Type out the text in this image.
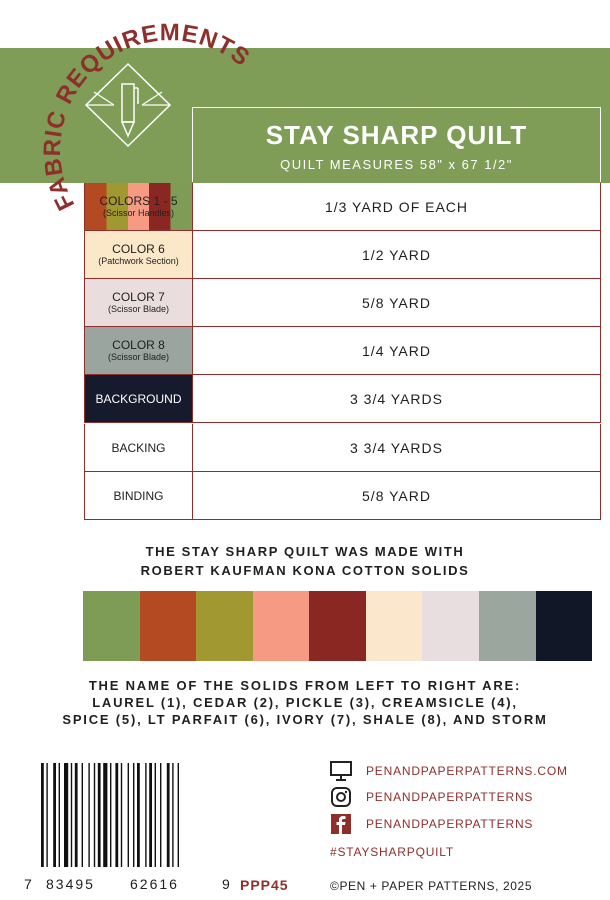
FABRIC REQUIREMENTS
STAY SHARP QUILT
QUILT MEASURES 58" x 67 1/2"
COLORS 1 - 5
(Scissor Handles)	1/3 YARD OF EACH
COLOR 6
(Patchwork Section)	1/2 YARD
COLOR 7
(Scissor Blade)	5/8 YARD
COLOR 8
(Scissor Blade)	1/4 YARD
BACKGROUND	3 3/4 YARDS
BACKING	3 3/4 YARDS
BINDING	5/8 YARD
THE STAY SHARP QUILT WAS MADE WITH
ROBERT KAUFMAN KONA COTTON SOLIDS
THE NAME OF THE SOLIDS FROM LEFT TO RIGHT ARE:
LAUREL (1), CEDAR (2), PICKLE (3), CREAMSICLE (4),
SPICE (5), LT PARFAIT (6), IVORY (7), SHALE (8), AND STORM
7 83495	62616	9 PPP45
PENANDPAPERPATTERNS.COM
PENANDPAPERPATTERNS
PENANDPAPERPATTERNS
#STAYSHARPQUILT
©PEN + PAPER PATTERNS, 2025
